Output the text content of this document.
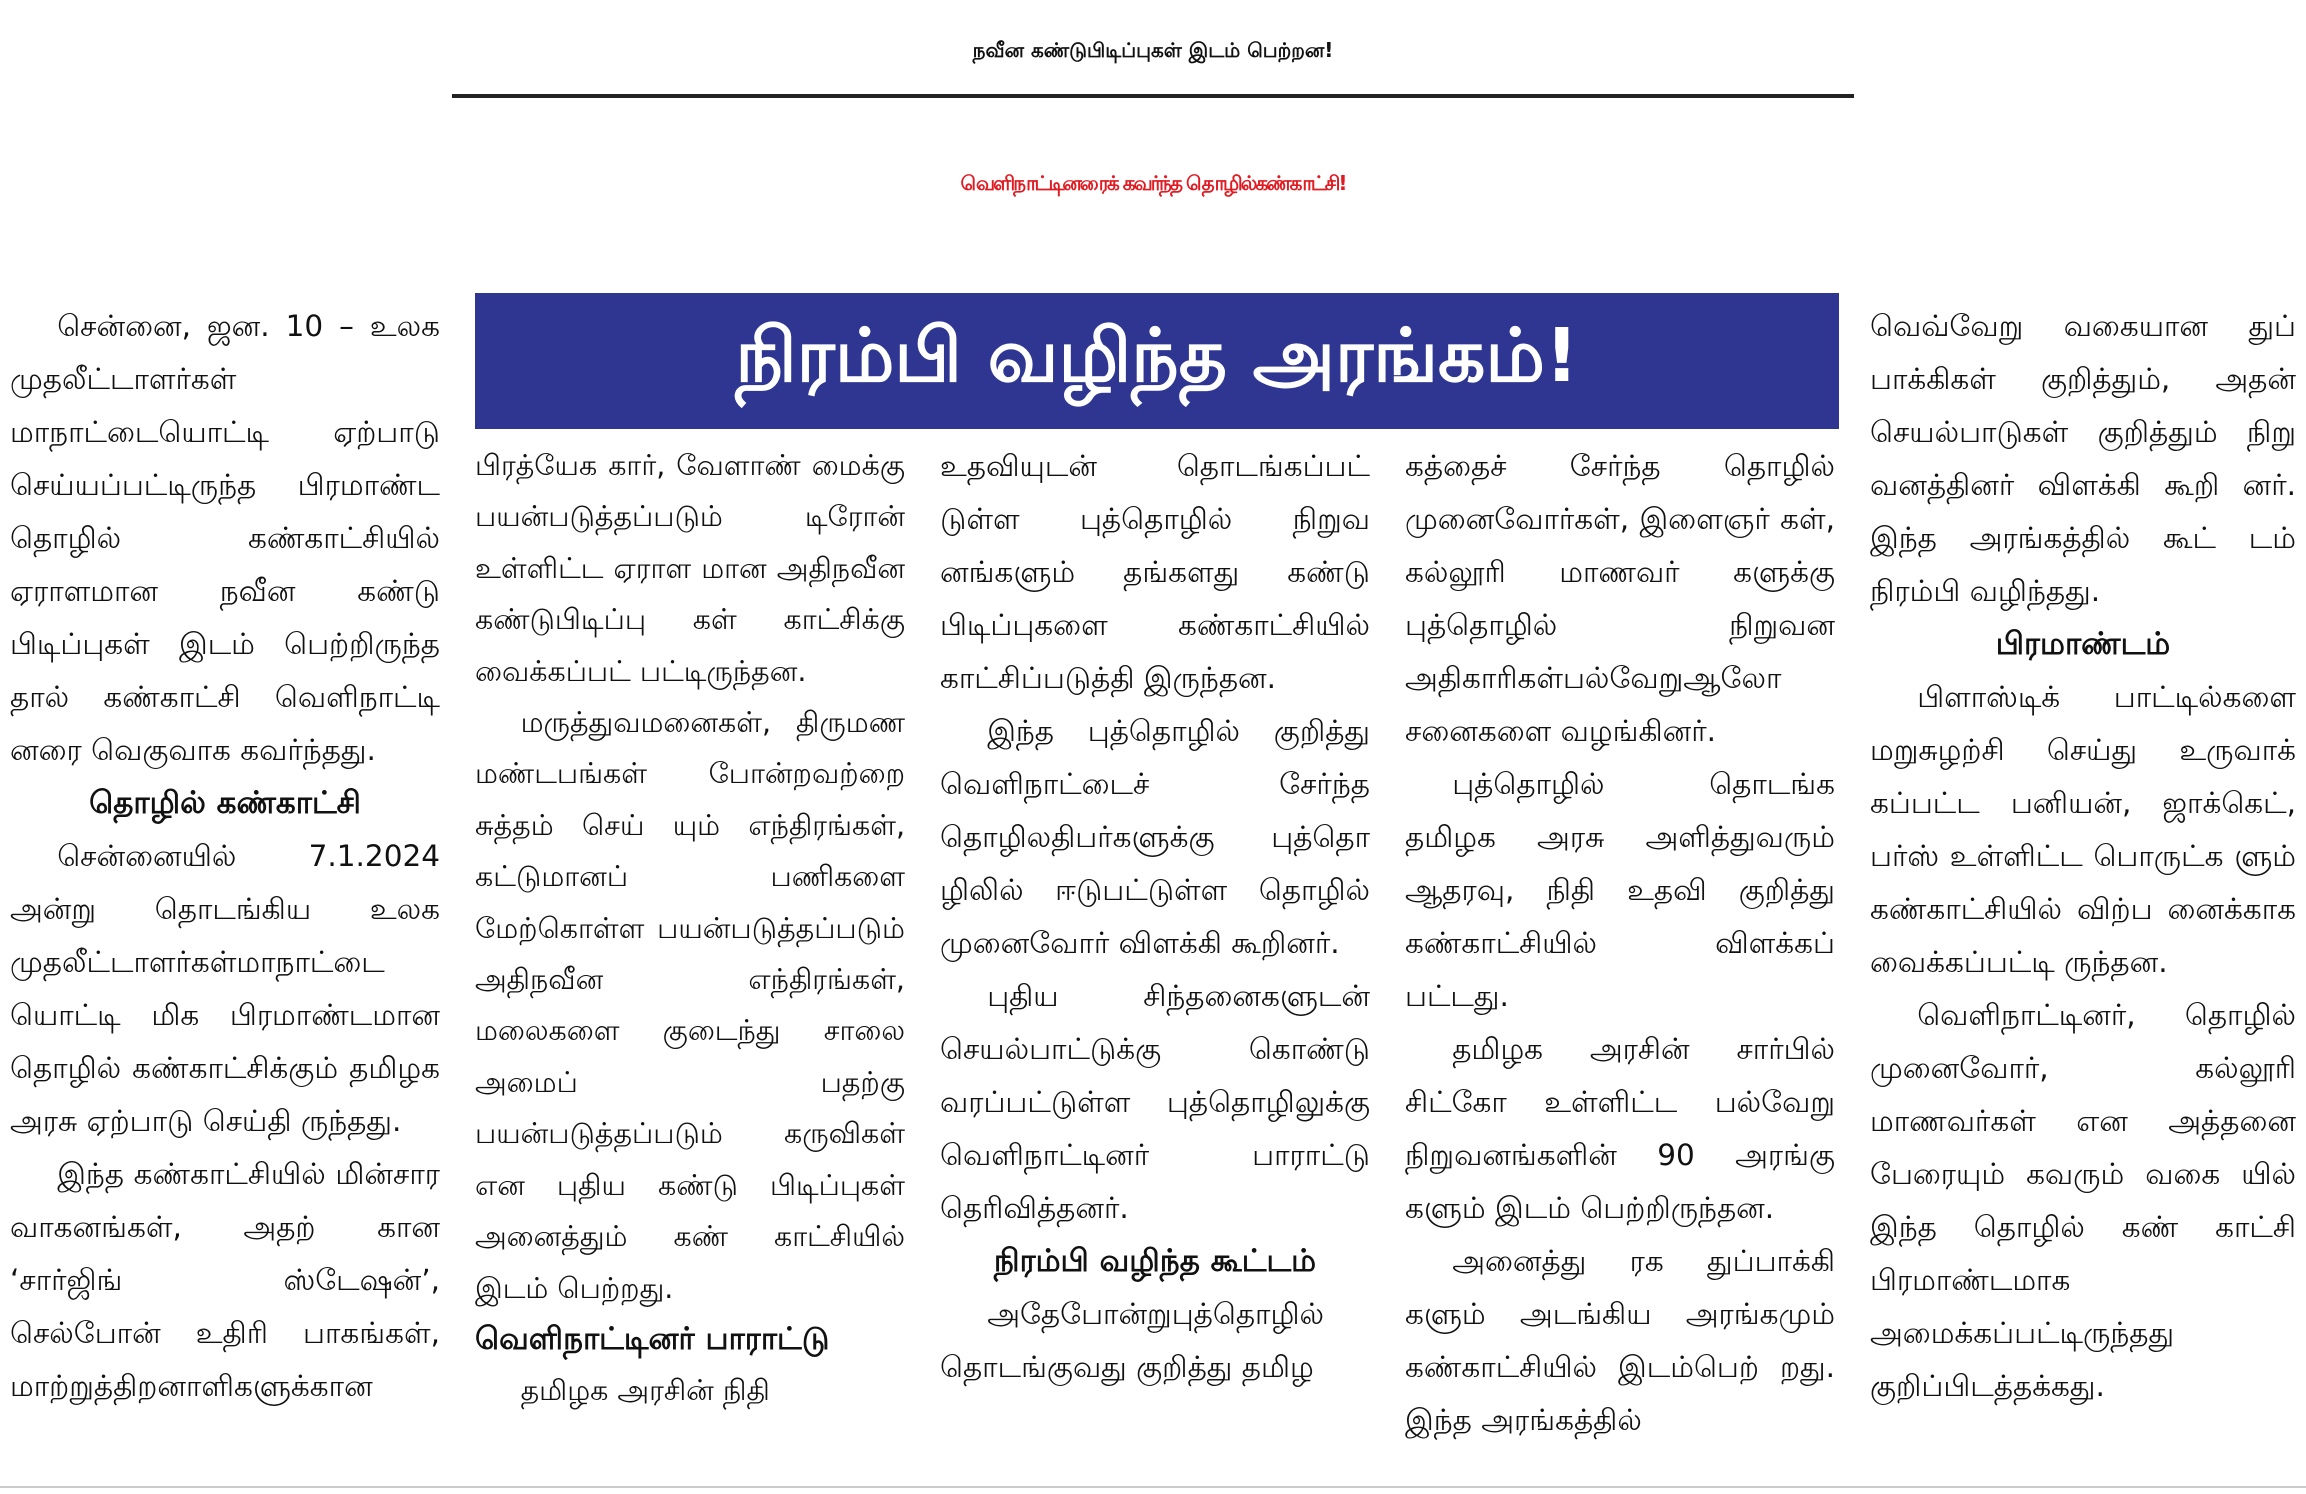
நவீன கண்டுபிடிப்புகள் இடம் பெற்றன!
வெளிநாட்டினரைக் கவர்ந்த தொழில்கண்காட்சி!
நிரம்பி வழிந்த அரங்கம்!

சென்னை, ஜன. 10 – உலக முதலீட்டாளர்கள் மாநாட்டையொட்டி ஏற்பாடு செய்யப்பட்டிருந்த பிரமாண்ட தொழில் கண்காட்சியில் ஏராளமான நவீன கண்டு பிடிப்புகள் இடம் பெற்றிருந்த தால் கண்காட்சி வெளிநாட்டி னரை வெகுவாக கவர்ந்தது.

தொழில் கண்காட்சி

சென்னையில் 7.1.2024 அன்று தொடங்கிய உலக முதலீட்டாளர்கள்மாநாட்டை யொட்டி மிக பிரமாண்டமான தொழில் கண்காட்சிக்கும் தமிழக அரசு ஏற்பாடு செய்தி ருந்தது.

இந்த கண்காட்சியில் மின்சார வாகனங்கள், அதற் கான ‘சார்ஜிங் ஸ்டேஷன்’, செல்போன் உதிரி பாகங்கள், மாற்றுத்திறனாளிகளுக்கான

பிரத்யேக கார், வேளாண் மைக்கு பயன்படுத்தப்படும் டிரோன் உள்ளிட்ட ஏராள மான அதிநவீன கண்டுபிடிப்பு கள் காட்சிக்கு வைக்கப்பட் பட்டிருந்தன.

மருத்துவமனைகள், திருமண மண்டபங்கள் போன்றவற்றை சுத்தம் செய் யும் எந்திரங்கள், கட்டுமானப் பணிகளை மேற்கொள்ள பயன்படுத்தப்படும் அதிநவீன எந்திரங்கள், மலைகளை குடைந்து சாலை அமைப் பதற்கு பயன்படுத்தப்படும் கருவிகள் என புதிய கண்டு பிடிப்புகள் அனைத்தும் கண் காட்சியில் இடம் பெற்றது.

வெளிநாட்டினர் பாராட்டு

தமிழக அரசின் நிதி

உதவியுடன் தொடங்கப்பட் டுள்ள புத்தொழில் நிறுவ னங்களும் தங்களது கண்டு பிடிப்புகளை கண்காட்சியில் காட்சிப்படுத்தி இருந்தன.

இந்த புத்தொழில் குறித்து வெளிநாட்டைச் சேர்ந்த தொழிலதிபர்களுக்கு புத்தொ ழிலில் ஈடுபட்டுள்ள தொழில் முனைவோர் விளக்கி கூறினர்.

புதிய சிந்தனைகளுடன் செயல்பாட்டுக்கு கொண்டு வரப்பட்டுள்ள புத்தொழிலுக்கு வெளிநாட்டினர் பாராட்டு தெரிவித்தனர்.

நிரம்பி வழிந்த கூட்டம்

அதேபோன்றுபுத்தொழில் தொடங்குவது குறித்து தமிழ

கத்தைச் சேர்ந்த தொழில் முனைவோர்கள், இளைஞர் கள், கல்லூரி மாணவர் களுக்கு புத்தொழில் நிறுவன அதிகாரிகள்பல்வேறுஆலோ சனைகளை வழங்கினர்.

புத்தொழில் தொடங்க தமிழக அரசு அளித்துவரும் ஆதரவு, நிதி உதவி குறித்து கண்காட்சியில் விளக்கப் பட்டது.

தமிழக அரசின் சார்பில் சிட்கோ உள்ளிட்ட பல்வேறு நிறுவனங்களின் 90 அரங்கு களும் இடம் பெற்றிருந்தன.

அனைத்து ரக துப்பாக்கி களும் அடங்கிய அரங்கமும் கண்காட்சியில் இடம்பெற் றது. இந்த அரங்கத்தில்

வெவ்வேறு வகையான துப் பாக்கிகள் குறித்தும், அதன் செயல்பாடுகள் குறித்தும் நிறு வனத்தினர் விளக்கி கூறி னர். இந்த அரங்கத்தில் கூட் டம் நிரம்பி வழிந்தது.

பிரமாண்டம்

பிளாஸ்டிக் பாட்டில்களை மறுசுழற்சி செய்து உருவாக் கப்பட்ட பனியன், ஜாக்கெட், பர்ஸ் உள்ளிட்ட பொருட்க ளும் கண்காட்சியில் விற்ப னைக்காக வைக்கப்பட்டி ருந்தன.

வெளிநாட்டினர், தொழில் முனைவோர், கல்லூரி மாணவர்கள் என அத்தனை பேரையும் கவரும் வகை யில் இந்த தொழில் கண் காட்சி பிரமாண்டமாக அமைக்கப்பட்டிருந்தது குறிப்பிடத்தக்கது.
